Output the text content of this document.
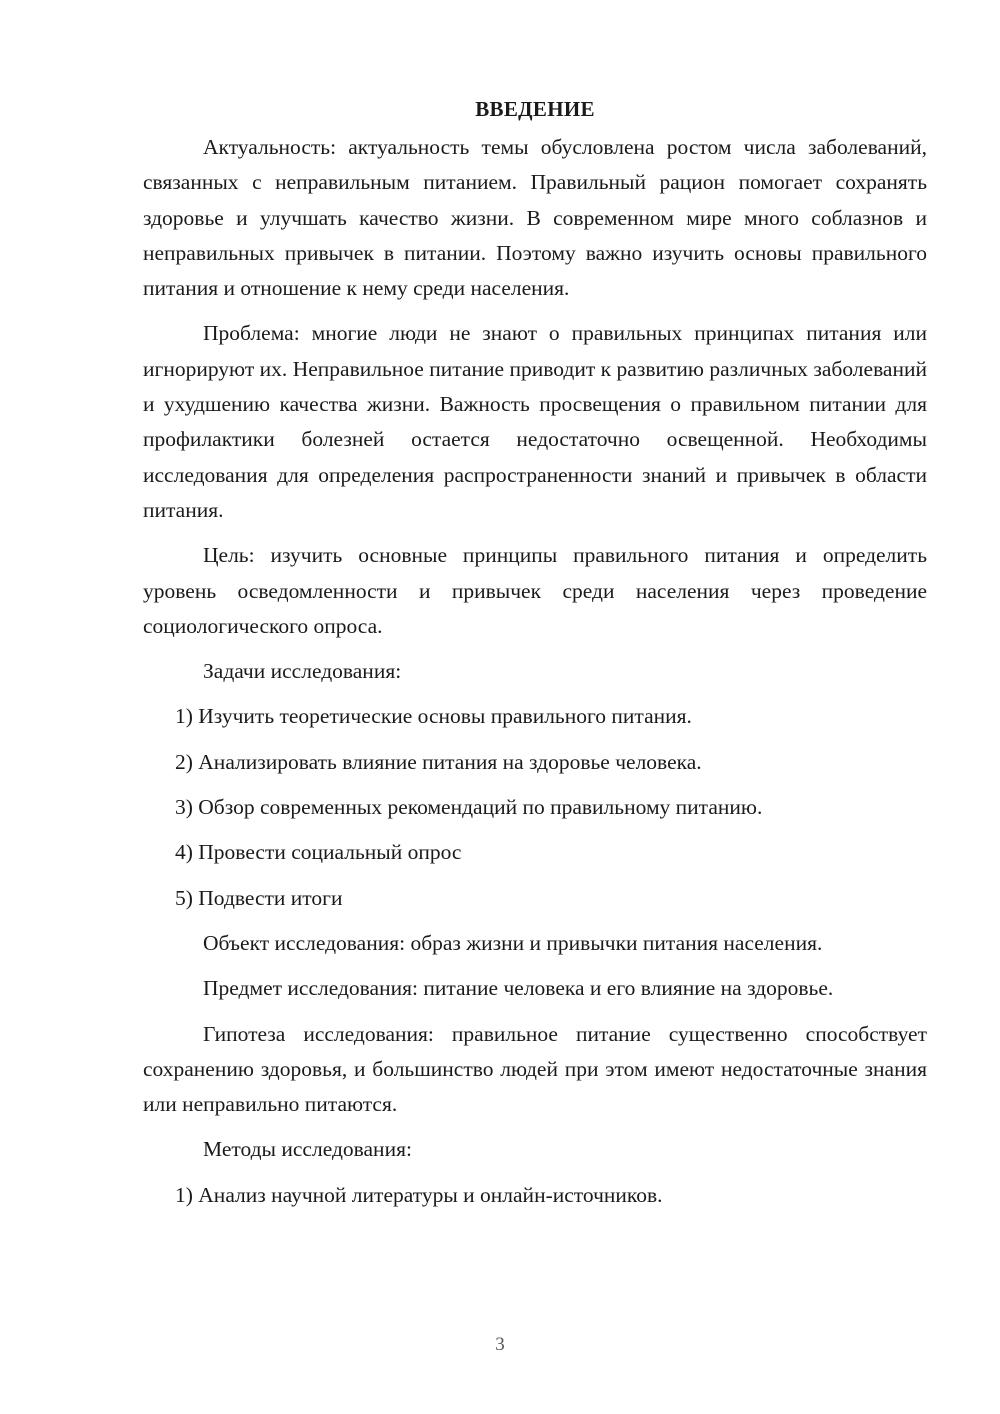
ВВЕДЕНИЕ

Актуальность: актуальность темы обусловлена ростом числа заболеваний, связанных с неправильным питанием. Правильный рацион помогает сохранять здоровье и улучшать качество жизни. В современном мире много соблазнов и неправильных привычек в питании. Поэтому важно изучить основы правильного питания и отношение к нему среди населения.

Проблема: многие люди не знают о правильных принципах питания или игнорируют их. Неправильное питание приводит к развитию различных заболеваний и ухудшению качества жизни. Важность просвещения о правильном питании для профилактики болезней остается недостаточно освещенной. Необходимы исследования для определения распространенности знаний и привычек в области питания.

Цель: изучить основные принципы правильного питания и определить уровень осведомленности и привычек среди населения через проведение социологического опроса.

Задачи исследования:
1) Изучить теоретические основы правильного питания.
2) Анализировать влияние питания на здоровье человека.
3) Обзор современных рекомендаций по правильному питанию.
4) Провести социальный опрос
5) Подвести итоги

Объект исследования: образ жизни и привычки питания населения.

Предмет исследования: питание человека и его влияние на здоровье.

Гипотеза исследования: правильное питание существенно способствует сохранению здоровья, и большинство людей при этом имеют недостаточные знания или неправильно питаются.

Методы исследования:
1) Анализ научной литературы и онлайн-источников.
3
